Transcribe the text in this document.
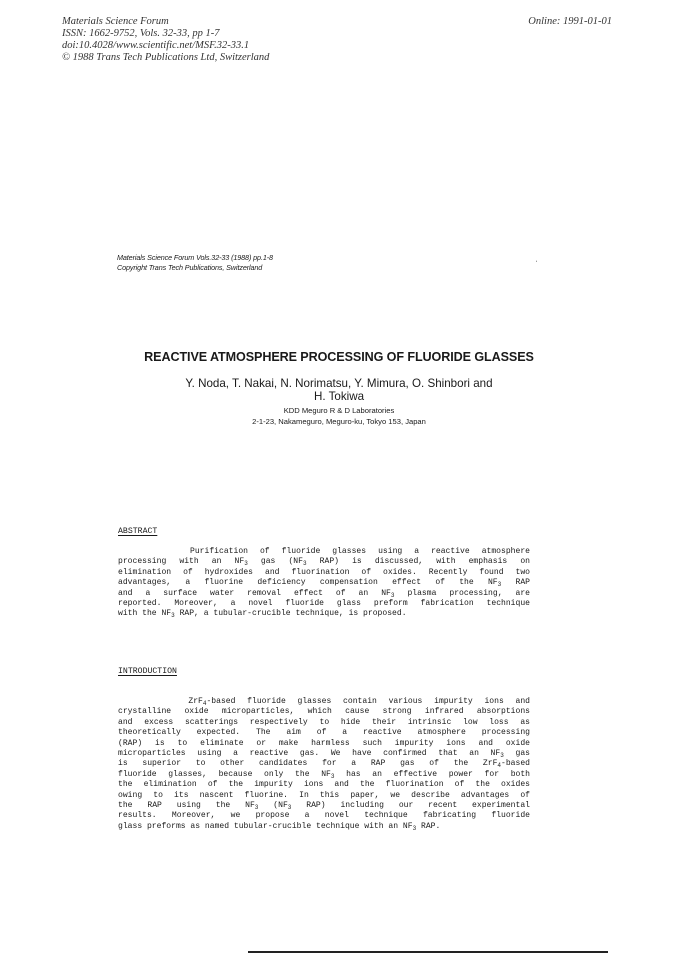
Materials Science Forum
ISSN: 1662-9752, Vols. 32-33, pp 1-7
doi:10.4028/www.scientific.net/MSF.32-33.1
© 1988 Trans Tech Publications Ltd, Switzerland
Online: 1991-01-01
Materials Science Forum Vols.32-33 (1988) pp.1-8
Copyright Trans Tech Publications, Switzerland
ˌ
REACTIVE ATMOSPHERE PROCESSING OF FLUORIDE GLASSES
Y. Noda, T. Nakai, N. Norimatsu, Y. Mimura, O. Shinbori and
H. Tokiwa
KDD Meguro R & D Laboratories
2-1-23, Nakameguro, Meguro-ku, Tokyo 153, Japan
ABSTRACT
Purification of fluoride glasses using a reactive atmosphere
processing with an $NF_3$ gas ($NF_3$ RAP) is discussed, with emphasis on
elimination of hydroxides and fluorination of oxides. Recently found two
advantages, a fluorine deficiency compensation effect of the $NF_3$ RAP
and a surface water removal effect of an $NF_3$ plasma processing, are
reported. Moreover, a novel fluoride glass preform fabrication technique
with the $NF_3$ RAP, a tubular-crucible technique, is proposed.
INTRODUCTION
ZrF$_4$-based fluoride glasses contain various impurity ions and
crystalline oxide microparticles, which cause strong infrared absorptions
and excess scatterings respectively to hide their intrinsic low loss as
theoretically expected. The aim of a reactive atmosphere processing
(RAP) is to eliminate or make harmless such impurity ions and oxide
microparticles using a reactive gas. We have confirmed that an $NF_3$ gas
is superior to other candidates for a RAP gas of the ZrF$_4$-based
fluoride glasses, because only the $NF_3$ has an effective power for both
the elimination of the impurity ions and the fluorination of the oxides
owing to its nascent fluorine. In this paper, we describe advantages of
the RAP using the $NF_3$ ($NF_3$ RAP) including our recent experimental
results. Moreover, we propose a novel technique fabricating fluoride
glass preforms as named tubular-crucible technique with an $NF_3$ RAP.
